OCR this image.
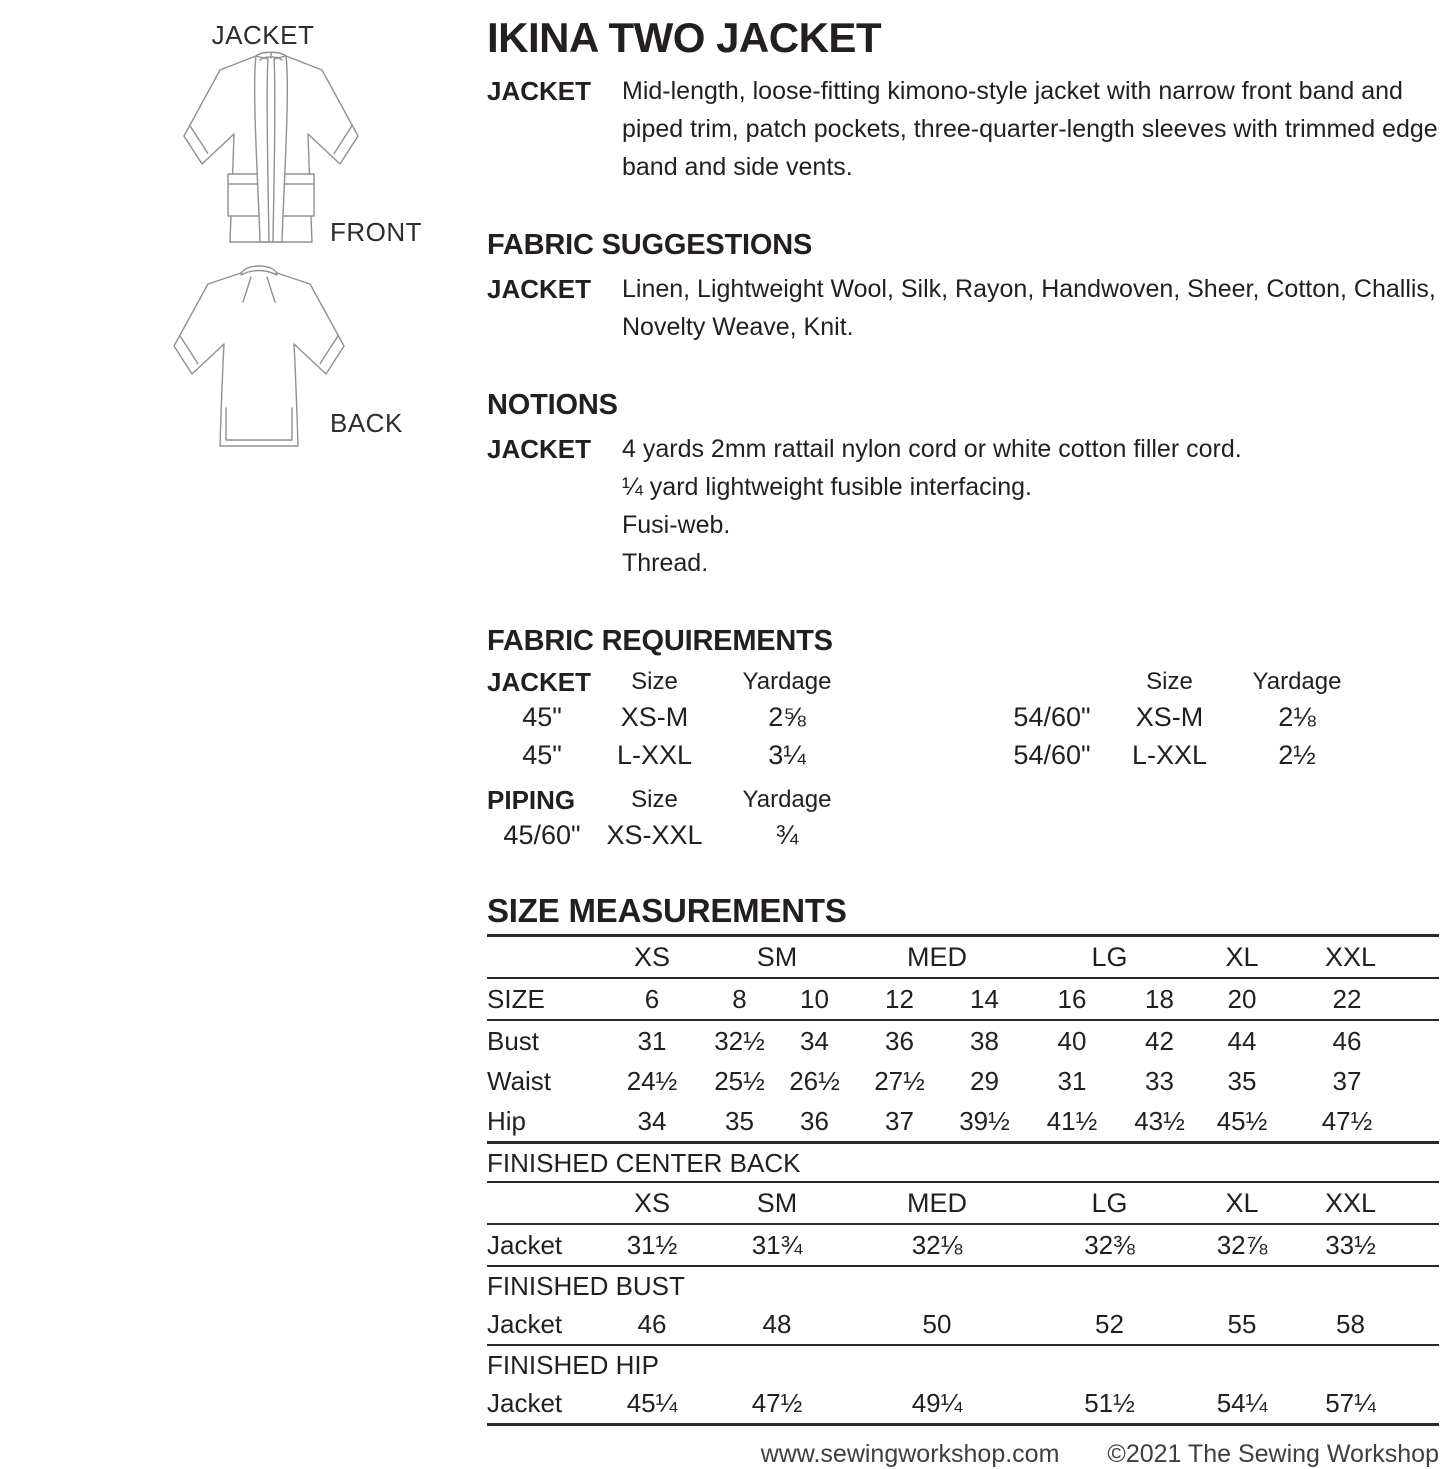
JACKET
FRONT
BACK
IKINA TWO JACKET
JACKET	Mid-length, loose-fitting kimono-style jacket with narrow front band and piped trim, patch pockets, three-quarter-length sleeves with trimmed edge band and side vents.

FABRIC SUGGESTIONS
JACKET	Linen, Lightweight Wool, Silk, Rayon, Handwoven, Sheer, Cotton, Challis, Novelty Weave, Knit.

NOTIONS
JACKET	4 yards 2mm rattail nylon cord or white cotton filler cord.

¼ yard lightweight fusible interfacing.

Fusi-web.

Thread.

FABRIC REQUIREMENTS
JACKET	Size	Yardage	Size	Yardage
45"	XS-M	2⅝	54/60"	XS-M	2⅛
45"	L-XXL	3¼	54/60"	L-XXL	2½
PIPING	Size	Yardage
45/60" XS-XXL	¾
SIZE MEASUREMENTS
XS	SM	MED	LG	XL	XXL
SIZE	6	8	10	12	14	16	18	20	22
Bust	31	32½	34	36	38	40	42	44	46
Waist	24½	25½ 26½	27½	29	31	33	35	37
Hip	34	35	36	37	39½	41½	43½	45½	47½
FINISHED CENTER BACK
XS	SM	MED	LG	XL	XXL
Jacket	31½	31¾	32⅛	32⅜	32⅞	33½
FINISHED BUST
Jacket	46	48	50	52	55	58
FINISHED HIP
Jacket	45¼	47½	49¼	51½	54¼	57¼
www.sewingworkshop.com ©2021 The Sewing Workshop
